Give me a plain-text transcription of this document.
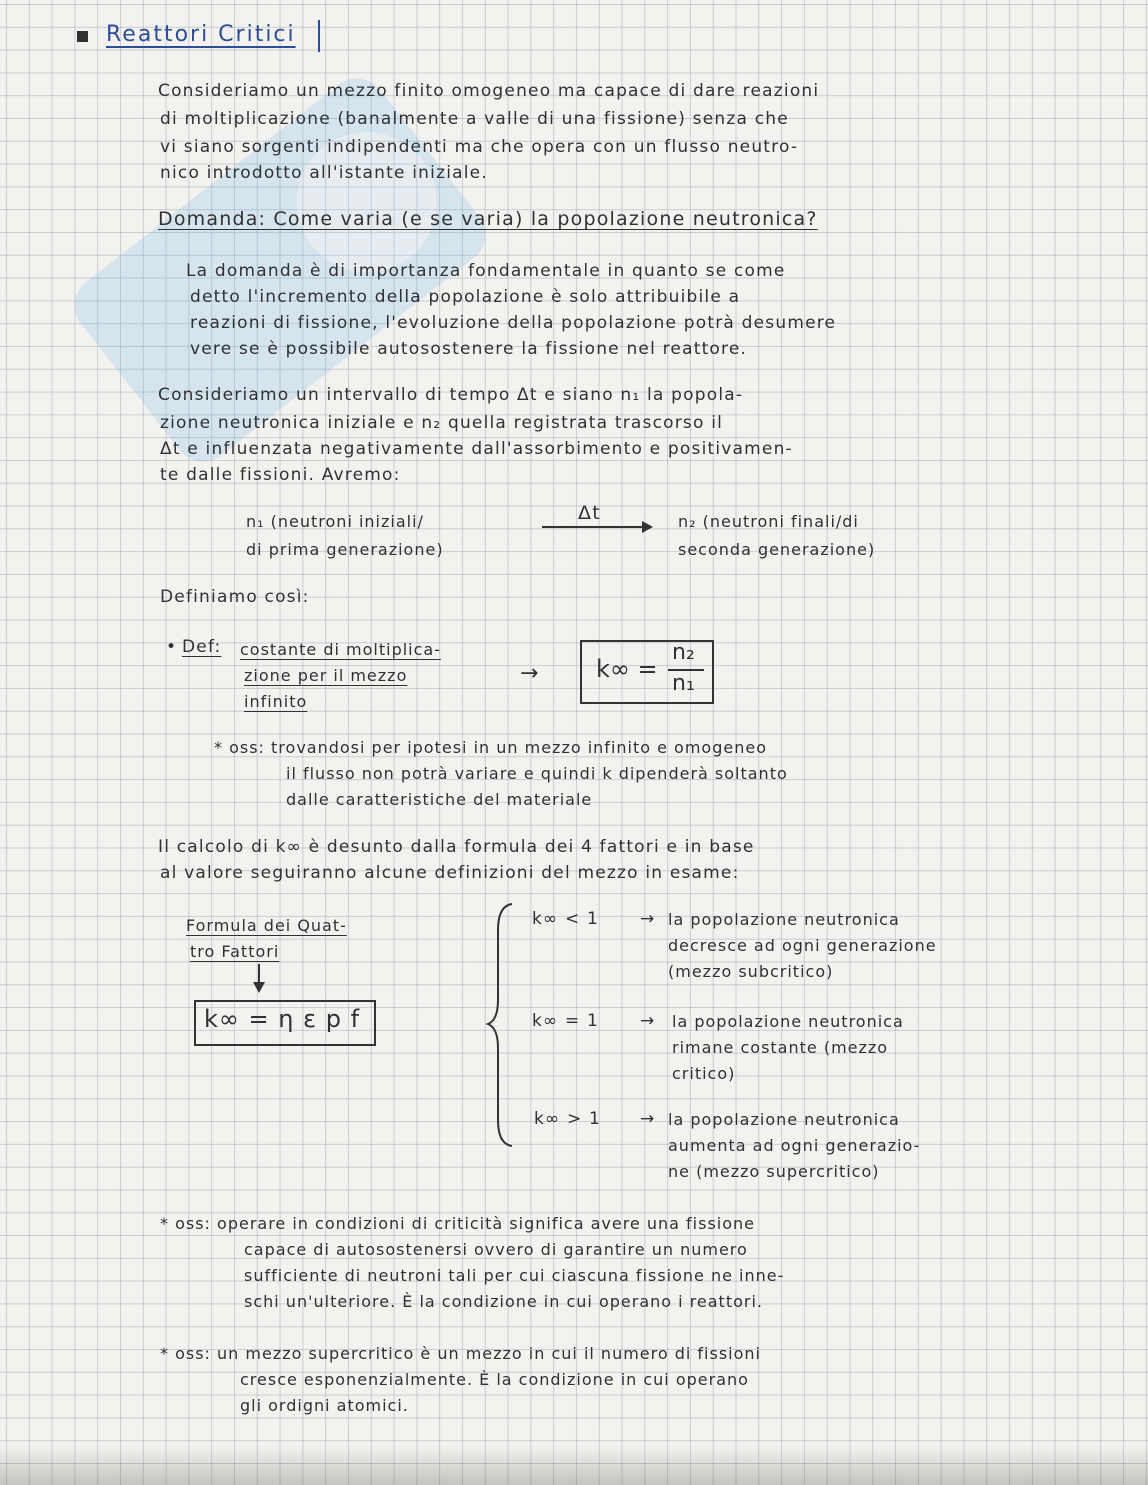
Reattori Critici
Consideriamo un mezzo finito omogeneo ma capace di dare reazioni
di moltiplicazione (banalmente a valle di una fissione) senza che
vi siano sorgenti indipendenti ma che opera con un flusso neutro-
nico introdotto all'istante iniziale.
Domanda: Come varia (e se varia) la popolazione neutronica?
La domanda è di importanza fondamentale in quanto se come
detto l'incremento della popolazione è solo attribuibile a
reazioni di fissione, l'evoluzione della popolazione potrà desumere
vere se è possibile autosostenere la fissione nel reattore.
Consideriamo un intervallo di tempo Δt e siano n₁ la popola-
zione neutronica iniziale e n₂ quella registrata trascorso il
Δt e influenzata negativamente dall'assorbimento e positivamen-
te dalle fissioni. Avremo:
n₁ (neutroni iniziali/
di prima generazione)
Δt	n₂ (neutroni finali/di
seconda generazione)
Definiamo così:
• Def: costante di moltiplica-
zione per il mezzo
infinito
→ k∞ =
n₂
n₁
* oss: trovandosi per ipotesi in un mezzo infinito e omogeneo
il flusso non potrà variare e quindi k dipenderà soltanto
dalle caratteristiche del materiale
Il calcolo di k∞ è desunto dalla formula dei 4 fattori e in base
al valore seguiranno alcune definizioni del mezzo in esame:
Formula dei Quat-
tro Fattori
k∞ = η ε p f
k∞ < 1 → la popolazione neutronica
decresce ad ogni generazione
(mezzo subcritico)
k∞ = 1 → la popolazione neutronica
rimane costante (mezzo
critico)
k∞ > 1 → la popolazione neutronica
aumenta ad ogni generazio-
ne (mezzo supercritico)
* oss: operare in condizioni di criticità significa avere una fissione
capace di autosostenersi ovvero di garantire un numero
sufficiente di neutroni tali per cui ciascuna fissione ne inne-
schi un'ulteriore. È la condizione in cui operano i reattori.
* oss: un mezzo supercritico è un mezzo in cui il numero di fissioni
cresce esponenzialmente. È la condizione in cui operano
gli ordigni atomici.
